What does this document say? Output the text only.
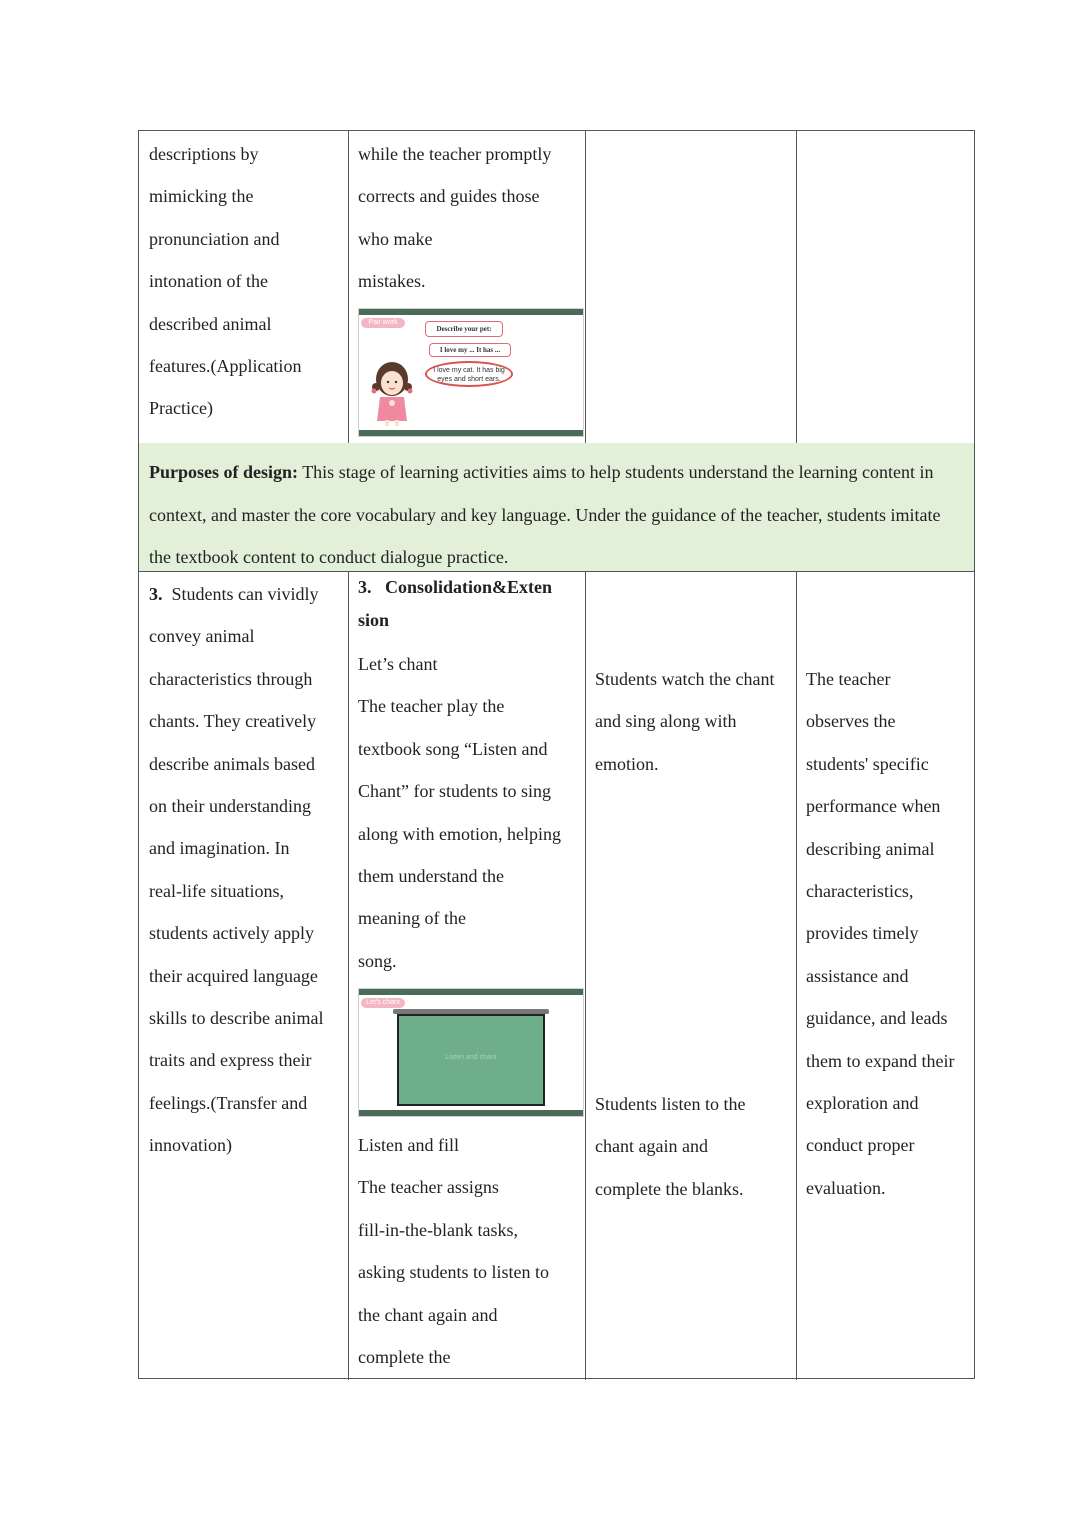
descriptions by

mimicking the

pronunciation and

intonation of the

described animal

features.(Application

Practice)

while the teacher promptly

corrects and guides those

who make

mistakes.

Pair work
Describe your pet:
I love my ... It has ...
I love my cat. It has big eyes and short ears.
Purposes of design: This stage of learning activities aims to help students understand the learning content in context, and master the core vocabulary and key language. Under the guidance of the teacher, students imitate the textbook content to conduct dialogue practice.

3.  Students can vividly

convey animal

characteristics through

chants. They creatively

describe animals based

on their understanding

and imagination. In

real-life situations,

students actively apply

their acquired language

skills to describe animal

traits and express their

feelings.(Transfer and

innovation)

3.   Consolidation&Exten

sion

Let’s chant

The teacher play the

textbook song “Listen and

Chant” for students to sing

along with emotion, helping

them understand the

meaning of the

song.

Let's chant
Listen and chant

Listen and fill

The teacher assigns

fill-in-the-blank tasks,

asking students to listen to

the chant again and

complete the

Students watch the chant

and sing along with

emotion.

Students listen to the

chant again and

complete the blanks.

The teacher

observes the

students' specific

performance when

describing animal

characteristics,

provides timely

assistance and

guidance, and leads

them to expand their

exploration and

conduct proper

evaluation.
